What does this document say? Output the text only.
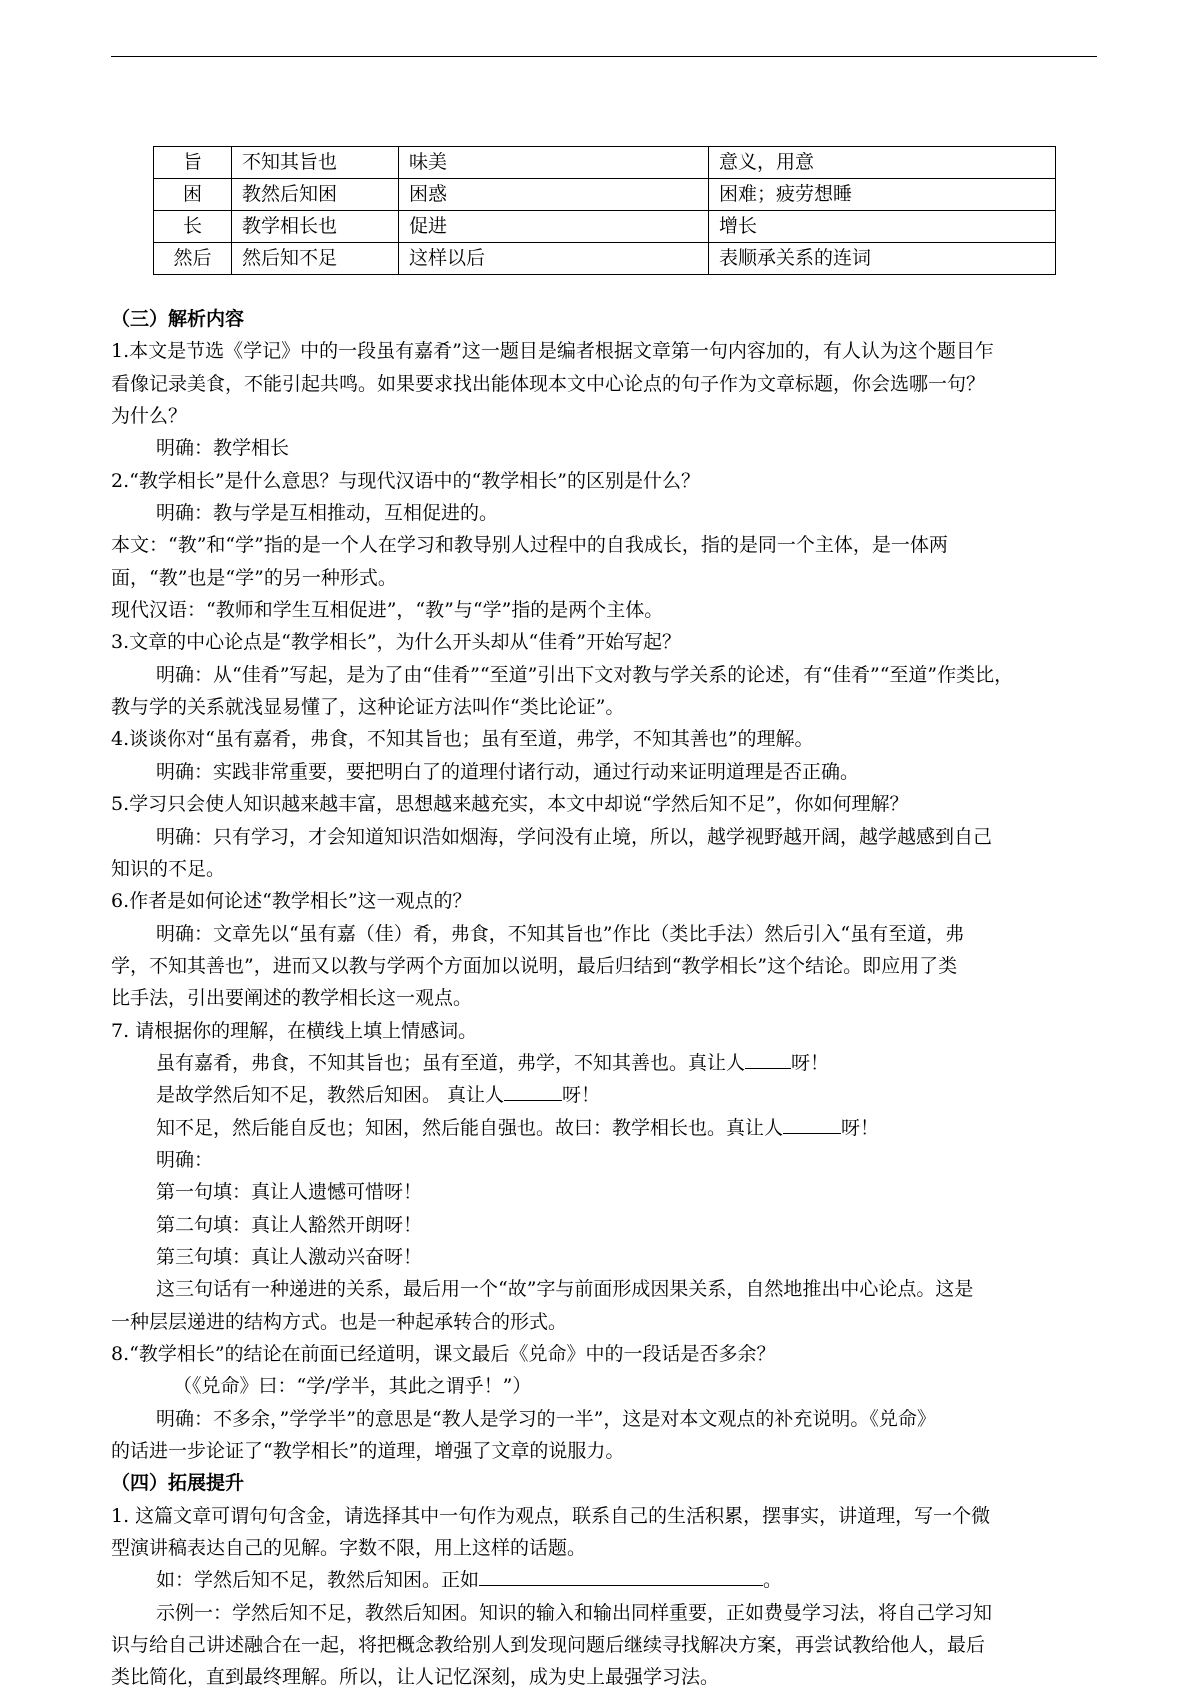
旨	不知其旨也	味美	意义，用意
困	教然后知困	困惑	困难；疲劳想睡
长	教学相长也	促进	增长
然后	然后知不足	这样以后	表顺承关系的连词
（三）解析内容
1.本文是节选《学记》中的一段虽有嘉肴”这一题目是编者根据文章第一句内容加的，有人认为这个题目乍
看像记录美食，不能引起共鸣。如果要求找出能体现本文中心论点的句子作为文章标题，你会选哪一句？
为什么？
明确：教学相长
2.“教学相长”是什么意思？与现代汉语中的“教学相长”的区别是什么？
明确：教与学是互相推动，互相促进的。
本文：“教”和“学”指的是一个人在学习和教导别人过程中的自我成长，指的是同一个主体，是一体两
面，“教”也是“学”的另一种形式。
现代汉语：“教师和学生互相促进”，“教”与“学”指的是两个主体。
3.文章的中心论点是“教学相长”，为什么开头却从“佳肴”开始写起？
明确：从“佳肴”写起，是为了由“佳肴”“至道”引出下文对教与学关系的论述，有“佳肴”“至道”作类比，
教与学的关系就浅显易懂了，这种论证方法叫作“类比论证”。
4.谈谈你对“虽有嘉肴，弗食，不知其旨也；虽有至道，弗学，不知其善也”的理解。
明确：实践非常重要，要把明白了的道理付诸行动，通过行动来证明道理是否正确。
5.学习只会使人知识越来越丰富，思想越来越充实，本文中却说“学然后知不足”，你如何理解？
明确：只有学习，才会知道知识浩如烟海，学问没有止境，所以，越学视野越开阔，越学越感到自己
知识的不足。
6.作者是如何论述“教学相长”这一观点的？
明确：文章先以“虽有嘉（佳）肴，弗食，不知其旨也”作比（类比手法）然后引入“虽有至道，弗
学，不知其善也”，进而又以教与学两个方面加以说明，最后归结到“教学相长”这个结论。即应用了类
比手法，引出要阐述的教学相长这一观点。
7. 请根据你的理解，在横线上填上情感词。
虽有嘉肴，弗食，不知其旨也；虽有至道，弗学，不知其善也。真让人 呀！
是故学然后知不足，教然后知困。 真让人	呀！
知不足，然后能自反也；知困，然后能自强也。故曰：教学相长也。真让人	呀！
明确：
第一句填：真让人遗憾可惜呀！
第二句填：真让人豁然开朗呀！
第三句填：真让人激动兴奋呀！
这三句话有一种递进的关系，最后用一个“故”字与前面形成因果关系，自然地推出中心论点。这是
一种层层递进的结构方式。也是一种起承转合的形式。
8.“教学相长”的结论在前面已经道明，课文最后《兑命》中的一段话是否多余？
（《兑命》曰：“学/学半，其此之谓乎！”）
明确：不多余，”学学半”的意思是“教人是学习的一半”，这是对本文观点的补充说明。《兑命》
的话进一步论证了“教学相长”的道理，增强了文章的说服力。
（四）拓展提升
1. 这篇文章可谓句句含金，请选择其中一句作为观点，联系自己的生活积累，摆事实，讲道理，写一个微
型演讲稿表达自己的见解。字数不限，用上这样的话题。
如：学然后知不足，教然后知困。正如	。
示例一：学然后知不足，教然后知困。知识的输入和输出同样重要，正如费曼学习法，将自己学习知
识与给自己讲述融合在一起，将把概念教给别人到发现问题后继续寻找解决方案，再尝试教给他人，最后
类比简化，直到最终理解。所以，让人记忆深刻，成为史上最强学习法。
